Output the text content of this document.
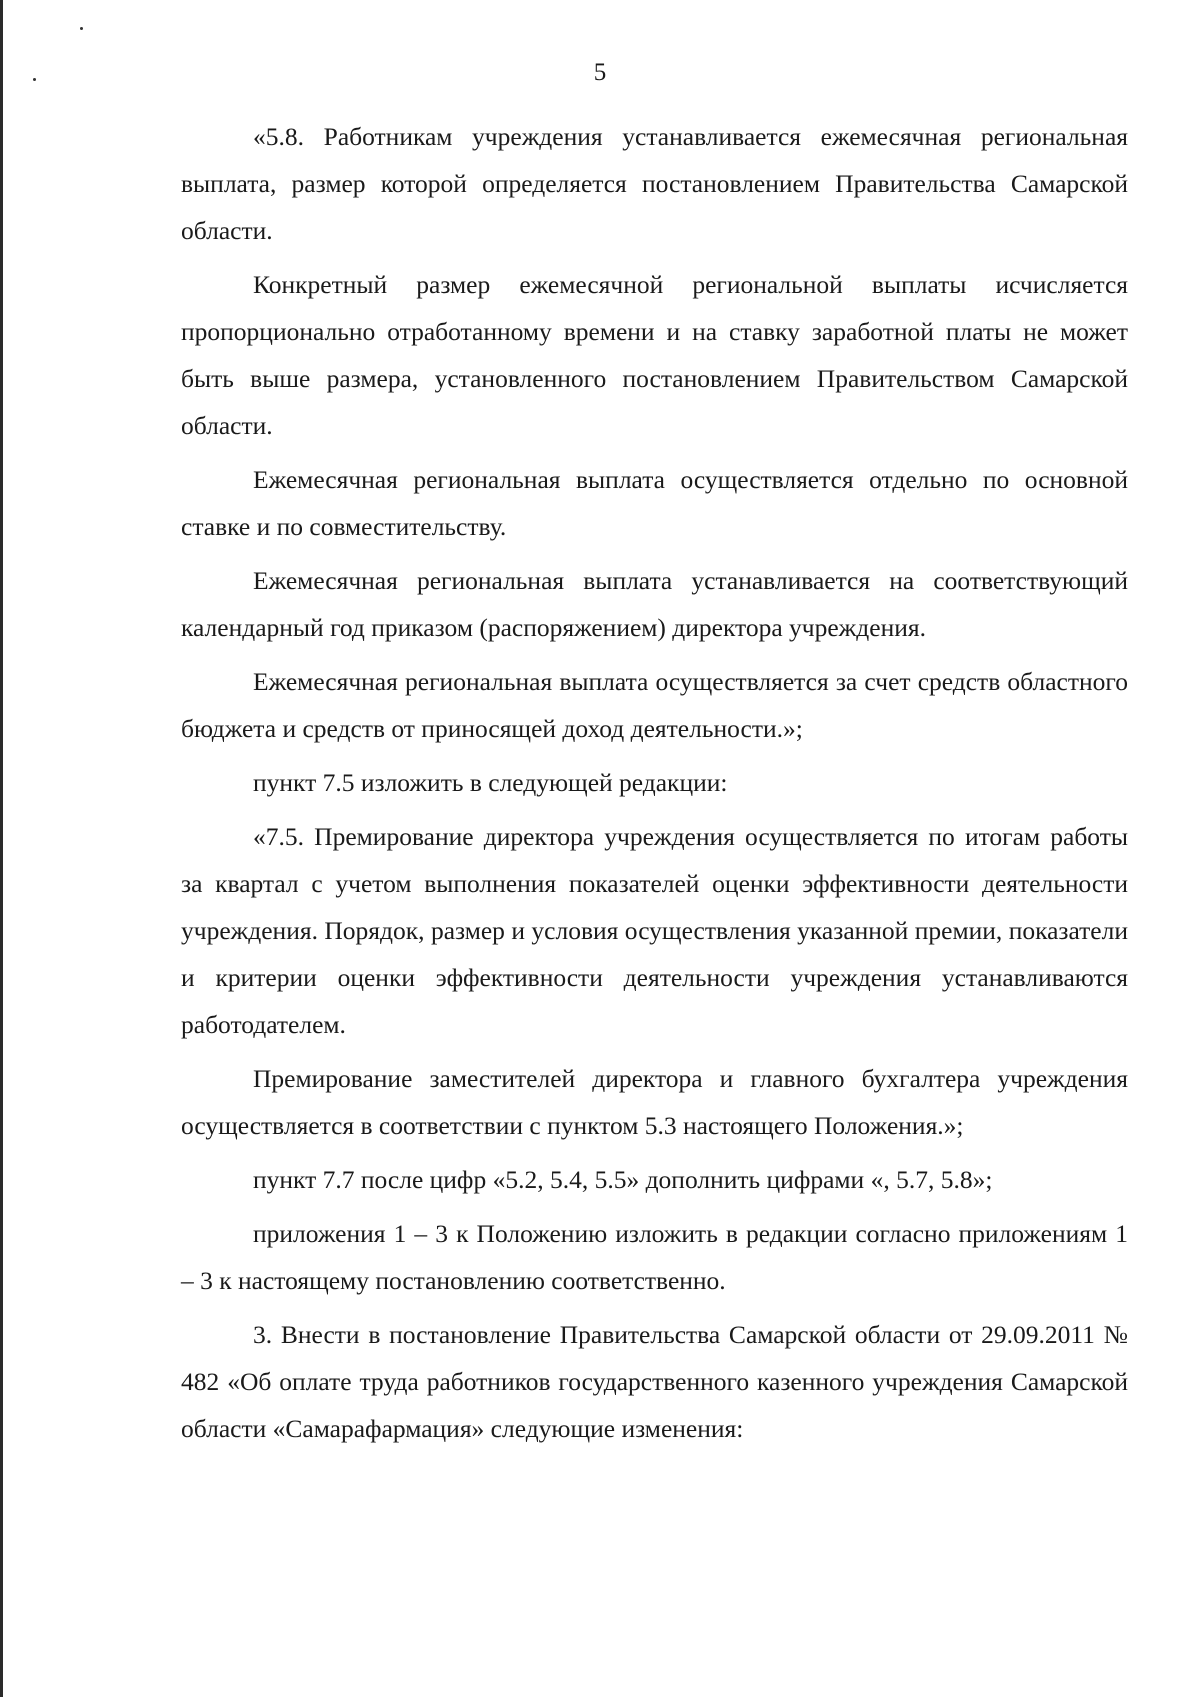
5

«5.8. Работникам учреждения устанавливается ежемесячная региональная выплата, размер которой определяется постановлением Правительства Самарской области.

Конкретный размер ежемесячной региональной выплаты исчисляется пропорционально отработанному времени и на ставку заработной платы не может быть выше размера, установленного постановлением Правительством Самарской области.

Ежемесячная региональная выплата осуществляется отдельно по основной ставке и по совместительству.

Ежемесячная региональная выплата устанавливается на соответствующий календарный год приказом (распоряжением) директора учреждения.

Ежемесячная региональная выплата осуществляется за счет средств областного бюджета и средств от приносящей доход деятельности.»;

пункт 7.5 изложить в следующей редакции:

«7.5. Премирование директора учреждения осуществляется по итогам работы за квартал с учетом выполнения показателей оценки эффективности деятельности учреждения. Порядок, размер и условия осуществления указанной премии, показатели и критерии оценки эффективности деятельности учреждения устанавливаются работодателем.

Премирование заместителей директора и главного бухгалтера учреждения осуществляется в соответствии с пунктом 5.3 настоящего Положения.»;

пункт 7.7 после цифр «5.2, 5.4, 5.5» дополнить цифрами «, 5.7, 5.8»;

приложения 1 – 3 к Положению изложить в редакции согласно приложениям 1 – 3 к настоящему постановлению соответственно.

3. Внести в постановление Правительства Самарской области от 29.09.2011 № 482 «Об оплате труда работников государственного казенного учреждения Самарской области «Самарафармация» следующие изменения:
